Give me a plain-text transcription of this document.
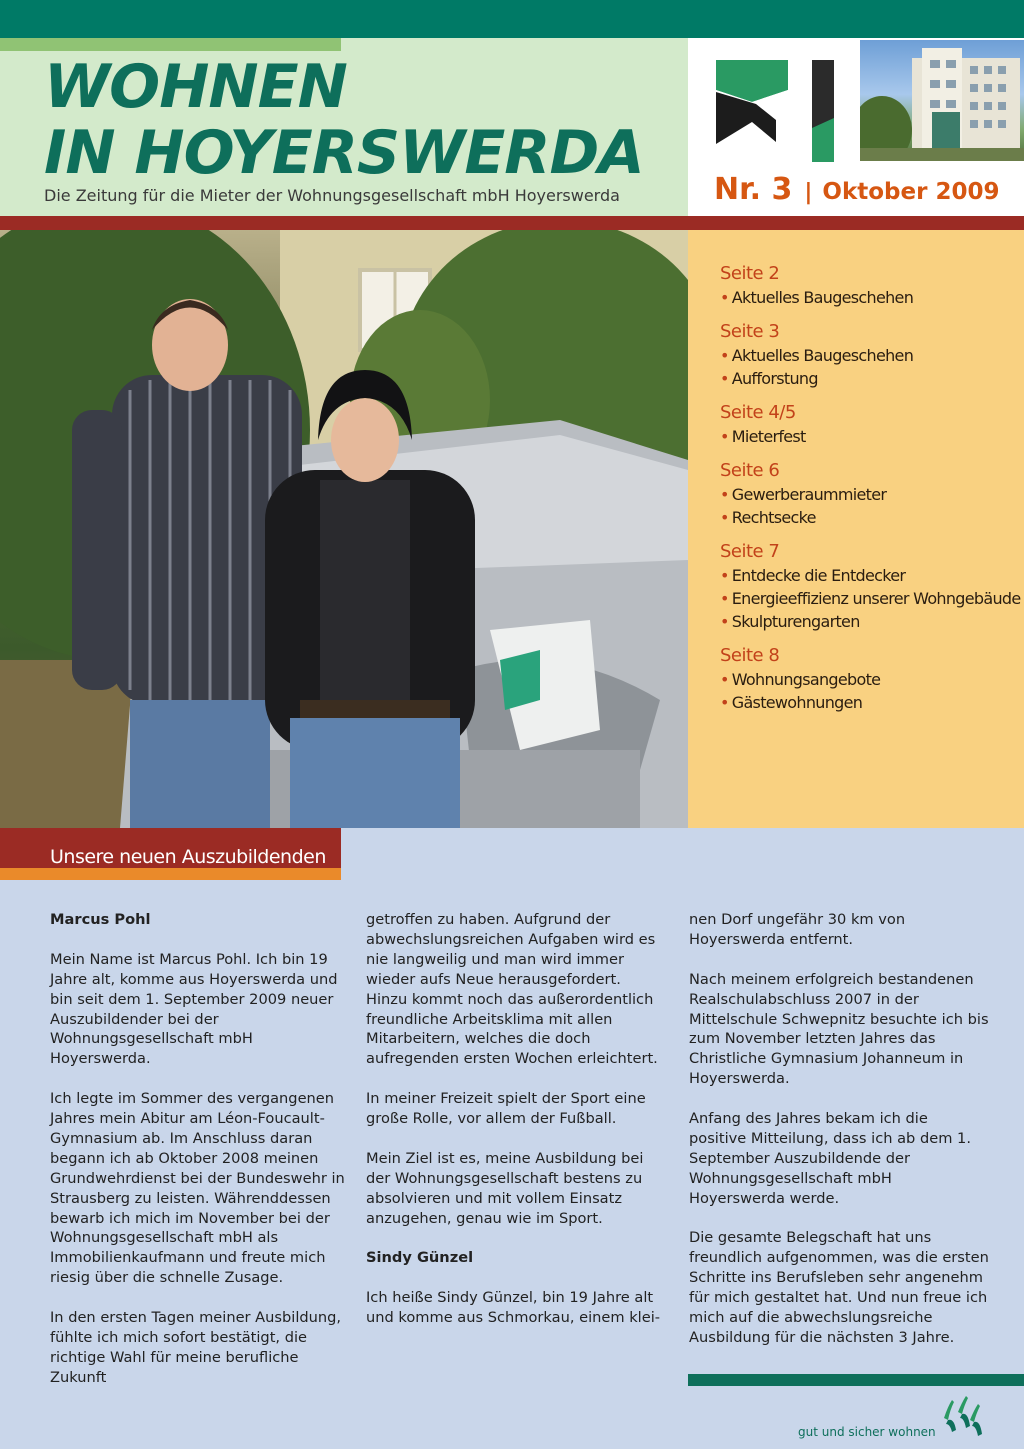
WOHNEN
IN HOYERSWERDA
Die Zeitung für die Mieter der Wohnungsgesellschaft mbH Hoyerswerda	Nr. 3 | Oktober 2009
Seite 2
• Aktuelles Baugeschehen
Seite 3
• Aktuelles Baugeschehen
• Aufforstung
Seite 4/5
• Mieterfest
Seite 6
• Gewerberaummieter
• Rechtsecke
Seite 7
• Entdecke die Entdecker
• Energieeffizienz unserer Wohngebäude
• Skulpturengarten
Seite 8
• Wohnungsangebote
• Gästewohnungen
Unsere neuen Auszubildenden

Marcus Pohl

Mein Name ist Marcus Pohl. Ich bin 19 Jahre alt, komme aus Hoyerswerda und bin seit dem 1. September 2009 neuer Auszubildender bei der Wohnungsgesellschaft mbH Hoyerswerda.

Ich legte im Sommer des vergangenen Jahres mein Abitur am Léon-Foucault-Gymnasium ab. Im Anschluss daran begann ich ab Oktober 2008 meinen Grundwehrdienst bei der Bundeswehr in Strausberg zu leisten. Währenddessen bewarb ich mich im November bei der Wohnungsgesellschaft mbH als Immobilienkaufmann und freute mich riesig über die schnelle Zusage.

In den ersten Tagen meiner Ausbildung, fühlte ich mich sofort bestätigt, die richtige Wahl für meine berufliche Zukunft

getroffen zu haben. Aufgrund der abwechslungsreichen Aufgaben wird es nie langweilig und man wird immer wieder aufs Neue herausgefordert. Hinzu kommt noch das außerordentlich freundliche Arbeitsklima mit allen Mitarbeitern, welches die doch aufregenden ersten Wochen erleichtert.

In meiner Freizeit spielt der Sport eine große Rolle, vor allem der Fußball.

Mein Ziel ist es, meine Ausbildung bei der Wohnungsgesellschaft bestens zu absolvieren und mit vollem Einsatz anzugehen, genau wie im Sport.

Sindy Günzel

Ich heiße Sindy Günzel, bin 19 Jahre alt und komme aus Schmorkau, einem klei-

nen Dorf ungefähr 30 km von Hoyerswerda entfernt.

Nach meinem erfolgreich bestandenen Realschulabschluss 2007 in der Mittelschule Schwepnitz besuchte ich bis zum November letzten Jahres das Christliche Gymnasium Johanneum in Hoyerswerda.

Anfang des Jahres bekam ich die positive Mitteilung, dass ich ab dem 1. September Auszubildende der Wohnungsgesellschaft mbH Hoyerswerda werde.

Die gesamte Belegschaft hat uns freundlich aufgenommen, was die ersten Schritte ins Berufsleben sehr angenehm für mich gestaltet hat. Und nun freue ich mich auf die abwechslungsreiche Ausbildung für die nächsten 3 Jahre.

gut und sicher wohnen
